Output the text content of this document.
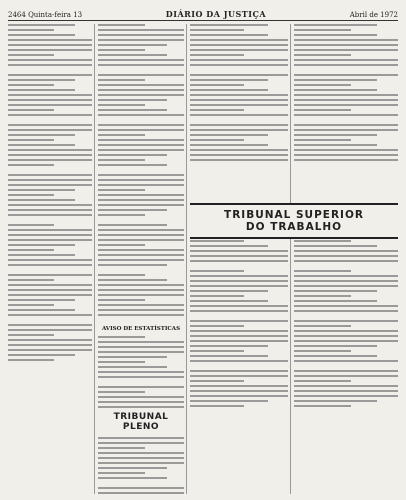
2464 Quinta-feira 13	DIÁRIO DA JUSTIÇA	Abril de 1972
AVISO DE ESTATÍSTICAS
TRIBUNAL PLENO
TRIBUNAL SUPERIOR
DO TRABALHO
